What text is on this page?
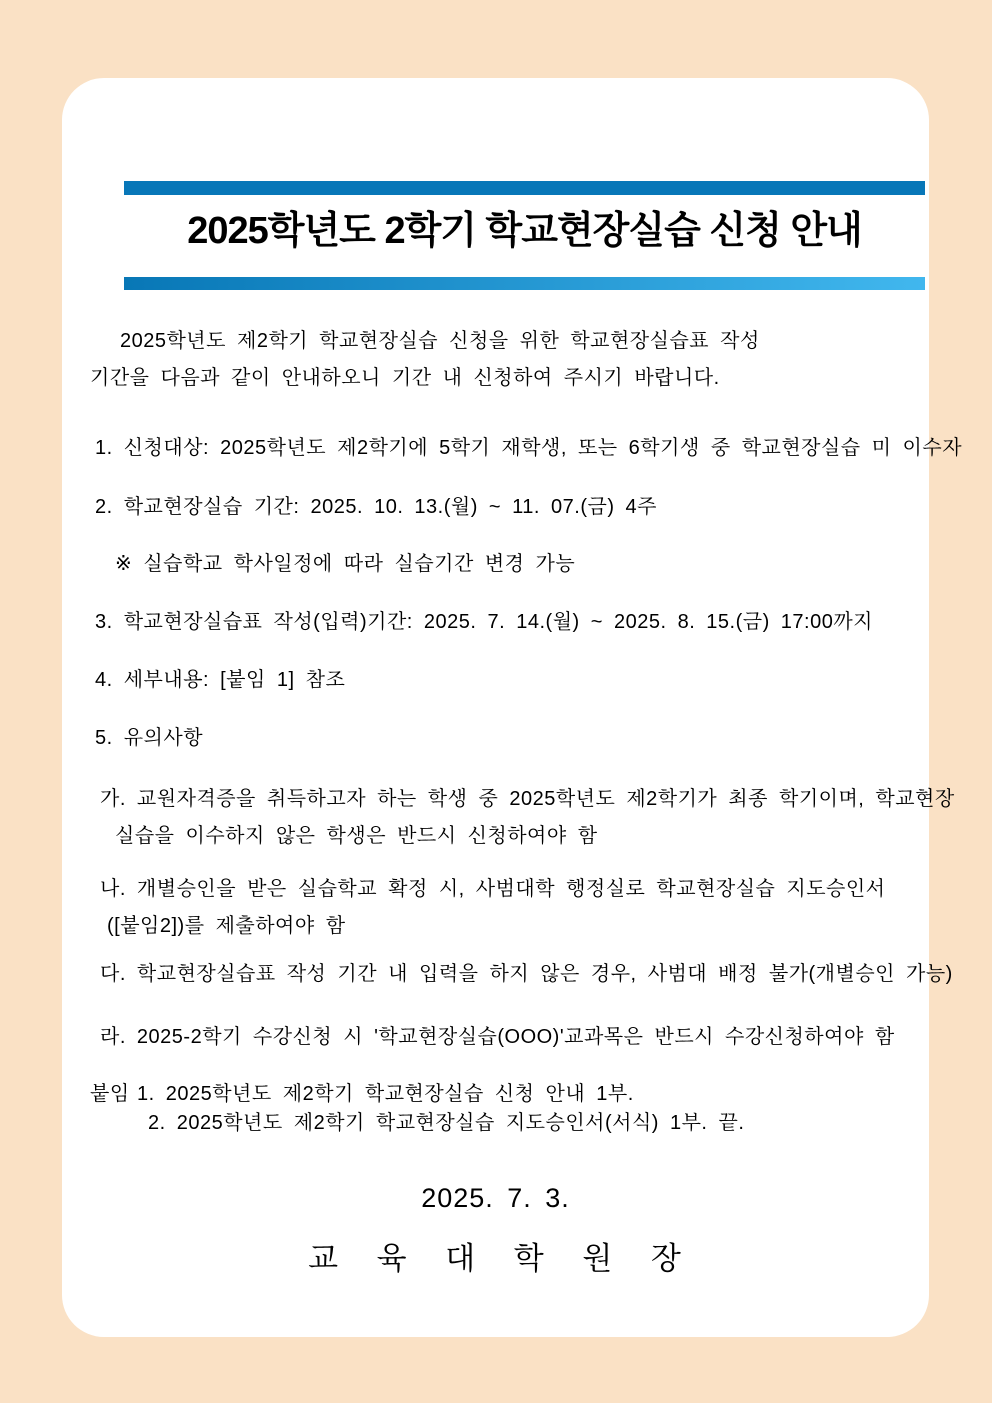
2025학년도 2학기 학교현장실습 신청 안내
2025학년도 제2학기 학교현장실습 신청을 위한 학교현장실습표 작성
기간을 다음과 같이 안내하오니 기간 내 신청하여 주시기 바랍니다.
1. 신청대상: 2025학년도 제2학기에 5학기 재학생, 또는 6학기생 중 학교현장실습 미 이수자
2. 학교현장실습 기간: 2025. 10. 13.(월) ~ 11. 07.(금) 4주
※ 실습학교 학사일정에 따라 실습기간 변경 가능
3. 학교현장실습표 작성(입력)기간: 2025. 7. 14.(월) ~ 2025. 8. 15.(금) 17:00까지
4. 세부내용: [붙임 1] 참조
5. 유의사항
가. 교원자격증을 취득하고자 하는 학생 중 2025학년도 제2학기가 최종 학기이며, 학교현장
실습을 이수하지 않은 학생은 반드시 신청하여야 함
나. 개별승인을 받은 실습학교 확정 시, 사범대학 행정실로 학교현장실습 지도승인서
([붙임2])를 제출하여야 함
다. 학교현장실습표 작성 기간 내 입력을 하지 않은 경우, 사범대 배정 불가(개별승인 가능)
라. 2025-2학기 수강신청 시 '학교현장실습(OOO)'교과목은 반드시 수강신청하여야 함
붙임 1. 2025학년도 제2학기 학교현장실습 신청 안내 1부.
2. 2025학년도 제2학기 학교현장실습 지도승인서(서식) 1부. 끝.
2025. 7. 3.
교 육 대 학 원 장
